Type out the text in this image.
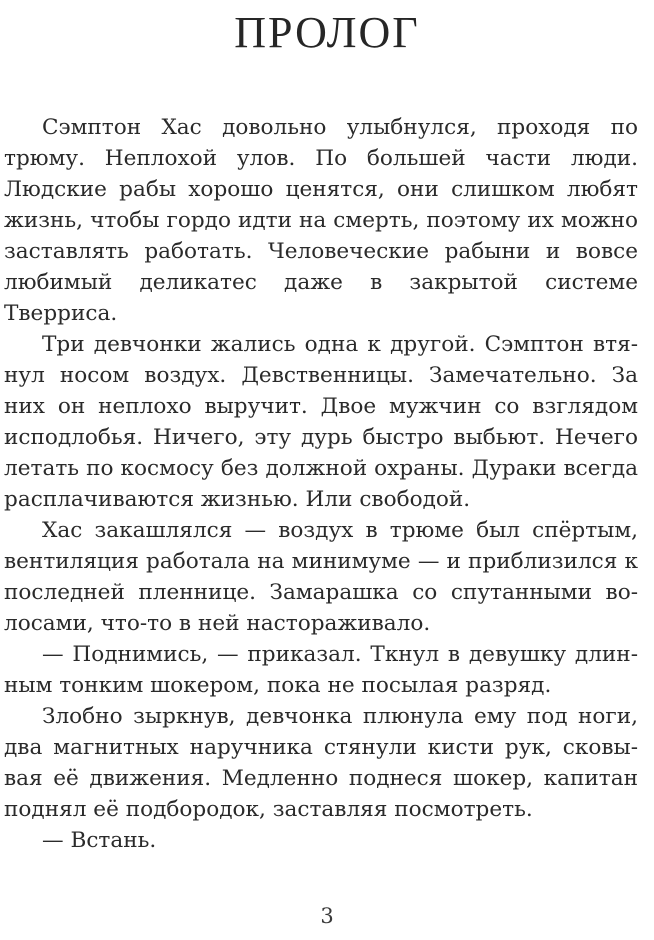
ПРОЛОГ

Сэмптон Хас довольно улыбнулся, проходя по трюму. Неплохой улов. По большей части люди. Людские рабы хорошо ценятся, они слишком любят жизнь, чтобы гордо идти на смерть, поэтому их можно заставлять работать. Человеческие рабыни и вовсе любимый деликатес даже в закрытой системе Тверриса.

Три девчонки жались одна к другой. Сэмптон втянул носом воздух. Девственницы. Замечательно. За них он неплохо выручит. Двое мужчин со взглядом исподлобья. Ничего, эту дурь быстро выбьют. Нечего летать по космосу без должной охраны. Дураки всегда расплачиваются жизнью. Или свободой.

Хас закашлялся — воздух в трюме был спёртым, вентиляция работала на минимуме — и приблизился к последней пленнице. Замарашка со спутанными волосами, что-то в ней настораживало.

— Поднимись, — приказал. Ткнул в девушку длинным тонким шокером, пока не посылая разряд.

Злобно зыркнув, девчонка плюнула ему под ноги, два магнитных наручника стянули кисти рук, сковывая её движения. Медленно поднеся шокер, капитан поднял её подбородок, заставляя посмотреть.

— Встань.

3
